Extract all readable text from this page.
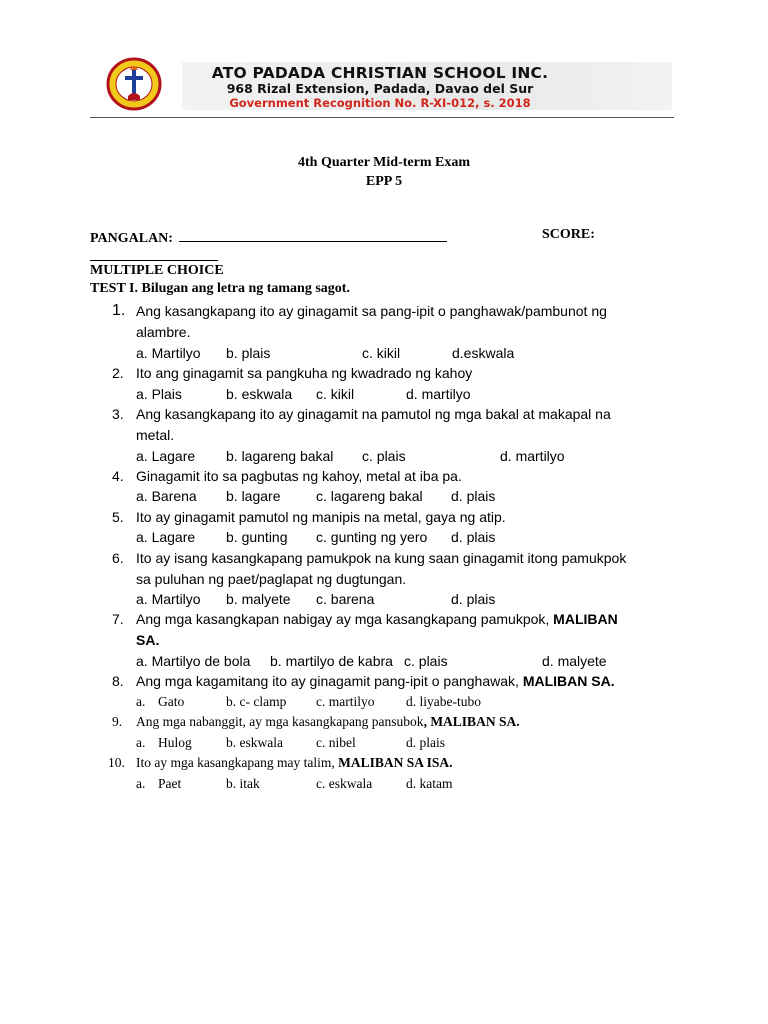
ATO PADADA CHRISTIAN SCHOOL INC.
968 Rizal Extension, Padada, Davao del Sur
Government Recognition No. R-XI-012, s. 2018
4th Quarter Mid-term Exam
EPP 5
PANGALAN:	SCORE:
MULTIPLE CHOICE
TEST I. Bilugan ang letra ng tamang sagot.
1. Ang kasangkapang ito ay ginagamit sa pang-ipit o panghawak/pambunot ng
alambre.
a. Martilyo b. plais	c. kikil	d.eskwala
2. Ito ang ginagamit sa pangkuha ng kwadrado ng kahoy
a. Plais	b. eskwala c. kikil	d. martilyo
3. Ang kasangkapang ito ay ginagamit na pamutol ng mga bakal at makapal na
metal.
a. Lagare b. lagareng bakal c. plais	d. martilyo
4. Ginagamit ito sa pagbutas ng kahoy, metal at iba pa.
a. Barena b. lagare	c. lagareng bakal d. plais
5. Ito ay ginagamit pamutol ng manipis na metal, gaya ng atip.
a. Lagare b. gunting c. gunting ng yero d. plais
6. Ito ay isang kasangkapang pamukpok na kung saan ginagamit itong pamukpok
sa puluhan ng paet/paglapat ng dugtungan.
a. Martilyo b. malyete c. barena	d. plais
7. Ang mga kasangkapan nabigay ay mga kasangkapang pamukpok, MALIBAN
SA.
a. Martilyo de bola b. martilyo de kabra c. plais	d. malyete
8. Ang mga kagamitang ito ay ginagamit pang-ipit o panghawak, MALIBAN SA.
a. Gato	b. c- clamp c. martilyo d. liyabe-tubo
9.	Ang mga nabanggit, ay mga kasangkapang pansubok, MALIBAN SA.
a. Hulog	b. eskwala c. nibel	d. plais
10. Ito ay mga kasangkapang may talim, MALIBAN SA ISA.
a. Paet	b. itak	c. eskwala	d. katam
